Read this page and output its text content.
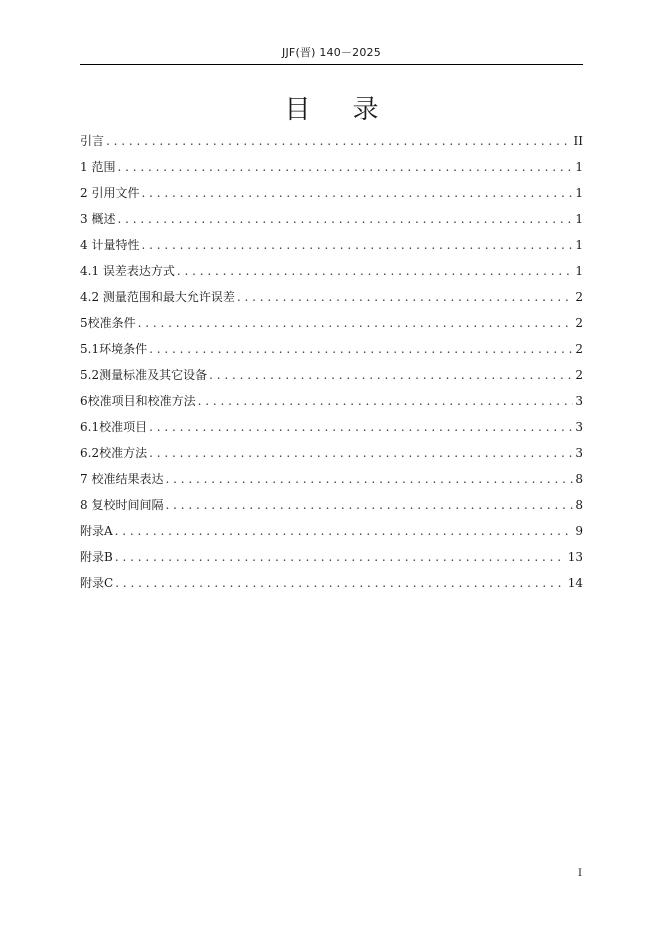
JJF(晋) 140－2025
目录
引言 . . .	II
1 范围 . . .	1
2 引用文件 . . .	1
3 概述 . . .	1
4 计量特性 . . .	1
4.1 误差表达方式 . . .	1
4.2 测量范围和最大允许误差 . . .	2
5校准条件 . . .	2
5.1环境条件 . . .	2
5.2测量标准及其它设备 . . .	2
6校准项目和校准方法 . . .	3
6.1校准项目 . . .	3
6.2校准方法 . . .	3
7 校准结果表达 . . .	8
8 复校时间间隔 . . .	8
附录A . . .	9
附录B . . .	13
附录C . . .	14
I
